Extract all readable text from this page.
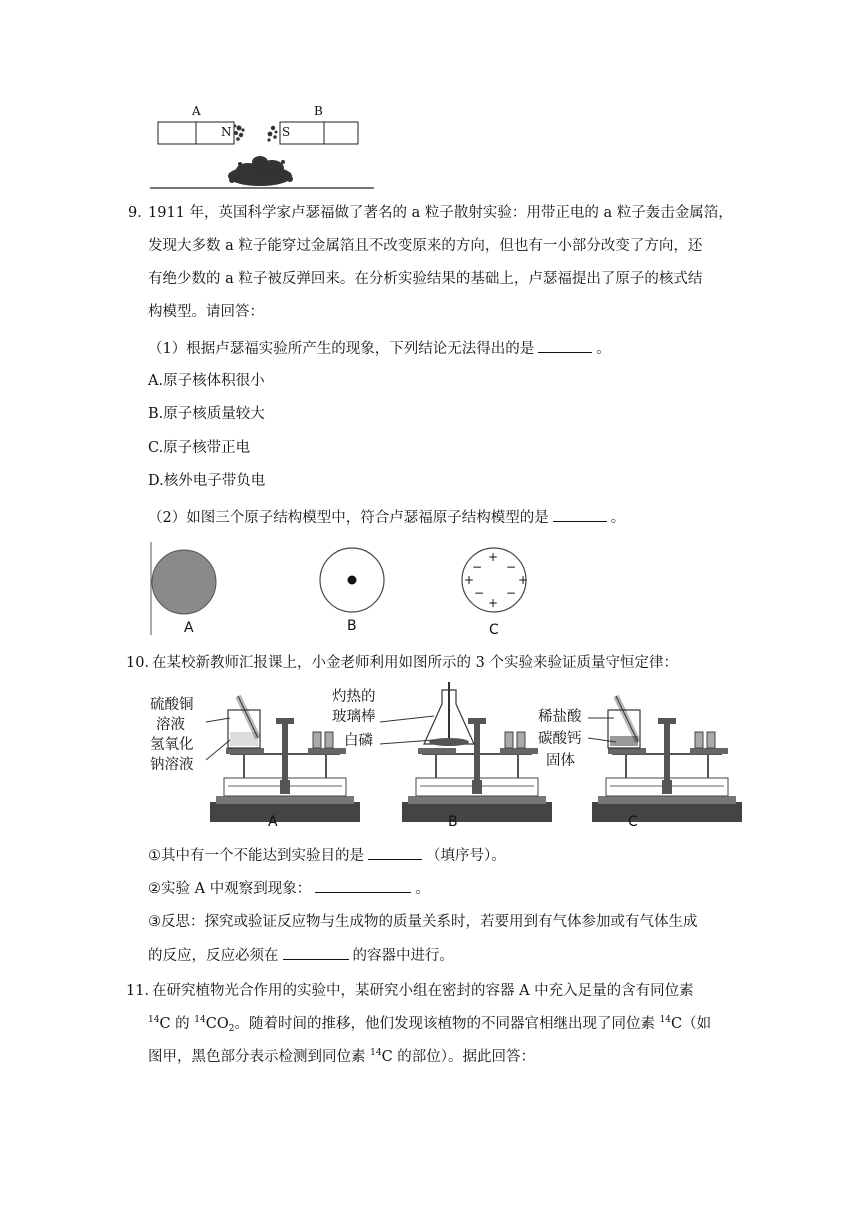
A	B
N	S
9．
1911 年，英国科学家卢瑟福做了著名的 a 粒子散射实验：用带正电的 a 粒子轰击金属箔，
发现大多数 a 粒子能穿过金属箔且不改变原来的方向，但也有一小部分改变了方向，还
有绝少数的 a 粒子被反弹回来。在分析实验结果的基础上，卢瑟福提出了原子的核式结
构模型。请回答：
（1）根据卢瑟福实验所产生的现象，下列结论无法得出的是	。
A.原子核体积很小
B.原子核质量较大
C.原子核带正电
D.核外电子带负电
（2）如图三个原子结构模型中，符合卢瑟福原子结构模型的是	。
+
− −
+	+
−
+
−
A	B	C
10．
在某校新教师汇报课上，小金老师利用如图所示的 3 个实验来验证质量守恒定律：
硫酸铜
溶液
氢氧化
钠溶液
灼热的
玻璃棒
白磷
稀盐酸
碳酸钙
固体
A	B	C
①其中有一个不能达到实验目的是	（填序号）。
②实验 A 中观察到现象：	。
③反思：探究或验证反应物与生成物的质量关系时，若要用到有气体参加或有气体生成
的反应，反应必须在	的容器中进行。
11．
在研究植物光合作用的实验中，某研究小组在密封的容器 A 中充入足量的含有同位素
$^{14}$C 的 $^{14}CO_2$。随着时间的推移，他们发现该植物的不同器官相继出现了同位素 $^{14}$C（如
图甲，黑色部分表示检测到同位素 $^{14}$C 的部位）。据此回答：
